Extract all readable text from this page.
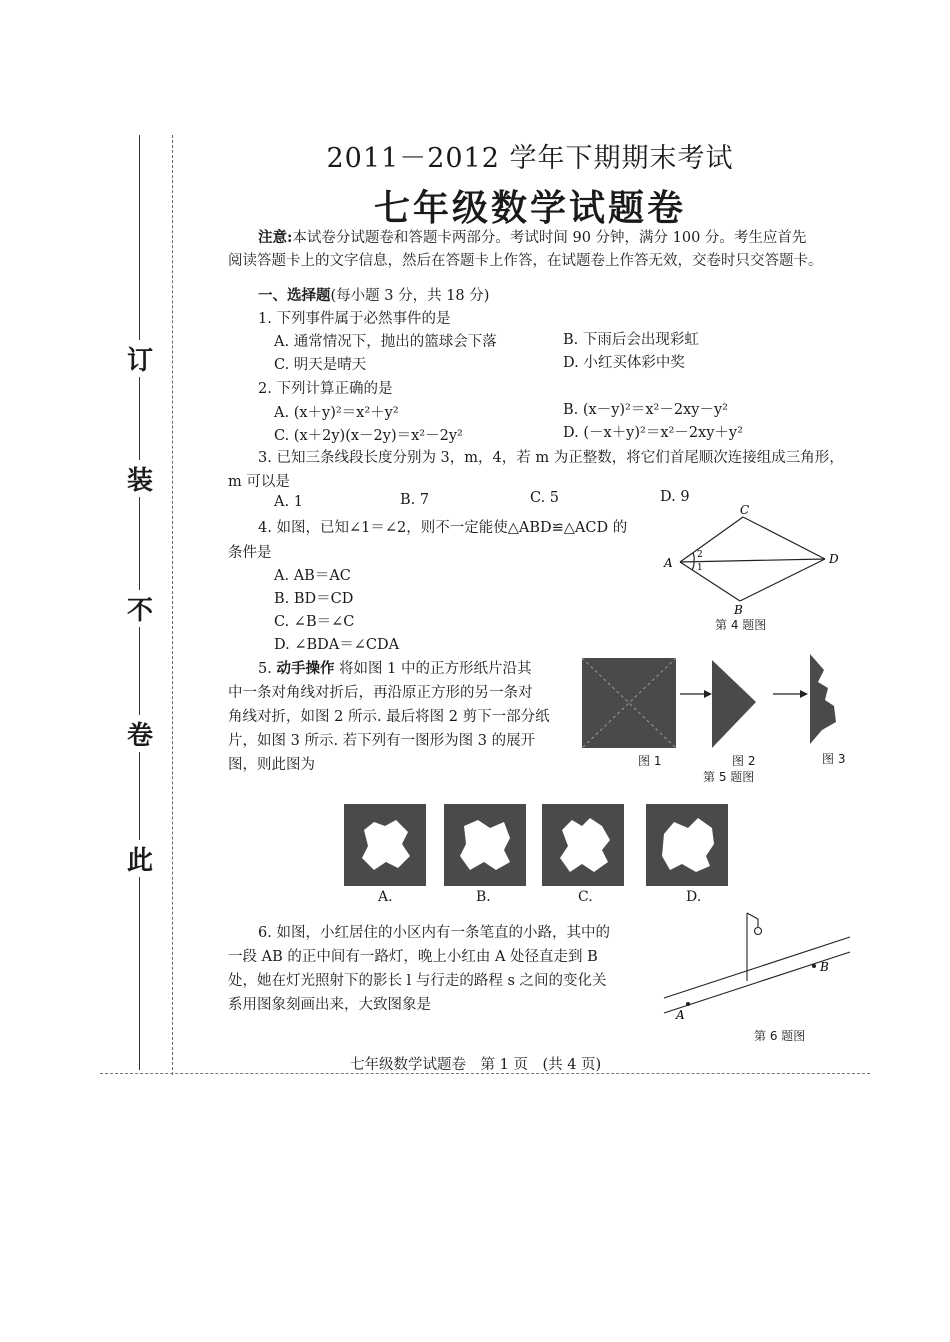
订
装
不
卷
此
2011－2012 学年下期期末考试
七年级数学试题卷
注意:本试卷分试题卷和答题卡两部分。考试时间 90 分钟，满分 100 分。考生应首先
阅读答题卡上的文字信息，然后在答题卡上作答，在试题卷上作答无效，交卷时只交答题卡。
一、选择题(每小题 3 分，共 18 分)
1. 下列事件属于必然事件的是
A. 通常情况下，抛出的篮球会下落	B. 下雨后会出现彩虹
C. 明天是晴天	D. 小红买体彩中奖
2. 下列计算正确的是
A. (x＋y)²＝x²＋y²	B. (x－y)²＝x²－2xy－y²
C. (x＋2y)(x－2y)＝x²－2y²	D. (－x＋y)²＝x²－2xy＋y²
3. 已知三条线段长度分别为 3，m，4，若 m 为正整数，将它们首尾顺次连接组成三角形，
m 可以是
A. 1	B. 7	C. 5	D. 9
4. 如图，已知∠1＝∠2，则不一定能使△ABD≌△ACD 的
条件是
A. AB＝AC
B. BD＝CD
C. ∠B＝∠C
D. ∠BDA＝∠CDA
A
C
D
B
2
1
第 4 题图
5. 动手操作 将如图 1 中的正方形纸片沿其
中一条对角线对折后，再沿原正方形的另一条对
角线对折，如图 2 所示. 最后将图 2 剪下一部分纸
片，如图 3 所示. 若下列有一图形为图 3 的展开
图，则此图为	图 1	图 2	图 3
第 5 题图
A.	B.	C.	D.
6. 如图，小红居住的小区内有一条笔直的小路，其中的
一段 AB 的正中间有一路灯，晚上小红由 A 处径直走到 B
处，她在灯光照射下的影长 l 与行走的路程 s 之间的变化关
系用图象刻画出来，大致图象是
A
B
第 6 题图
七年级数学试题卷　第 1 页　(共 4 页)
